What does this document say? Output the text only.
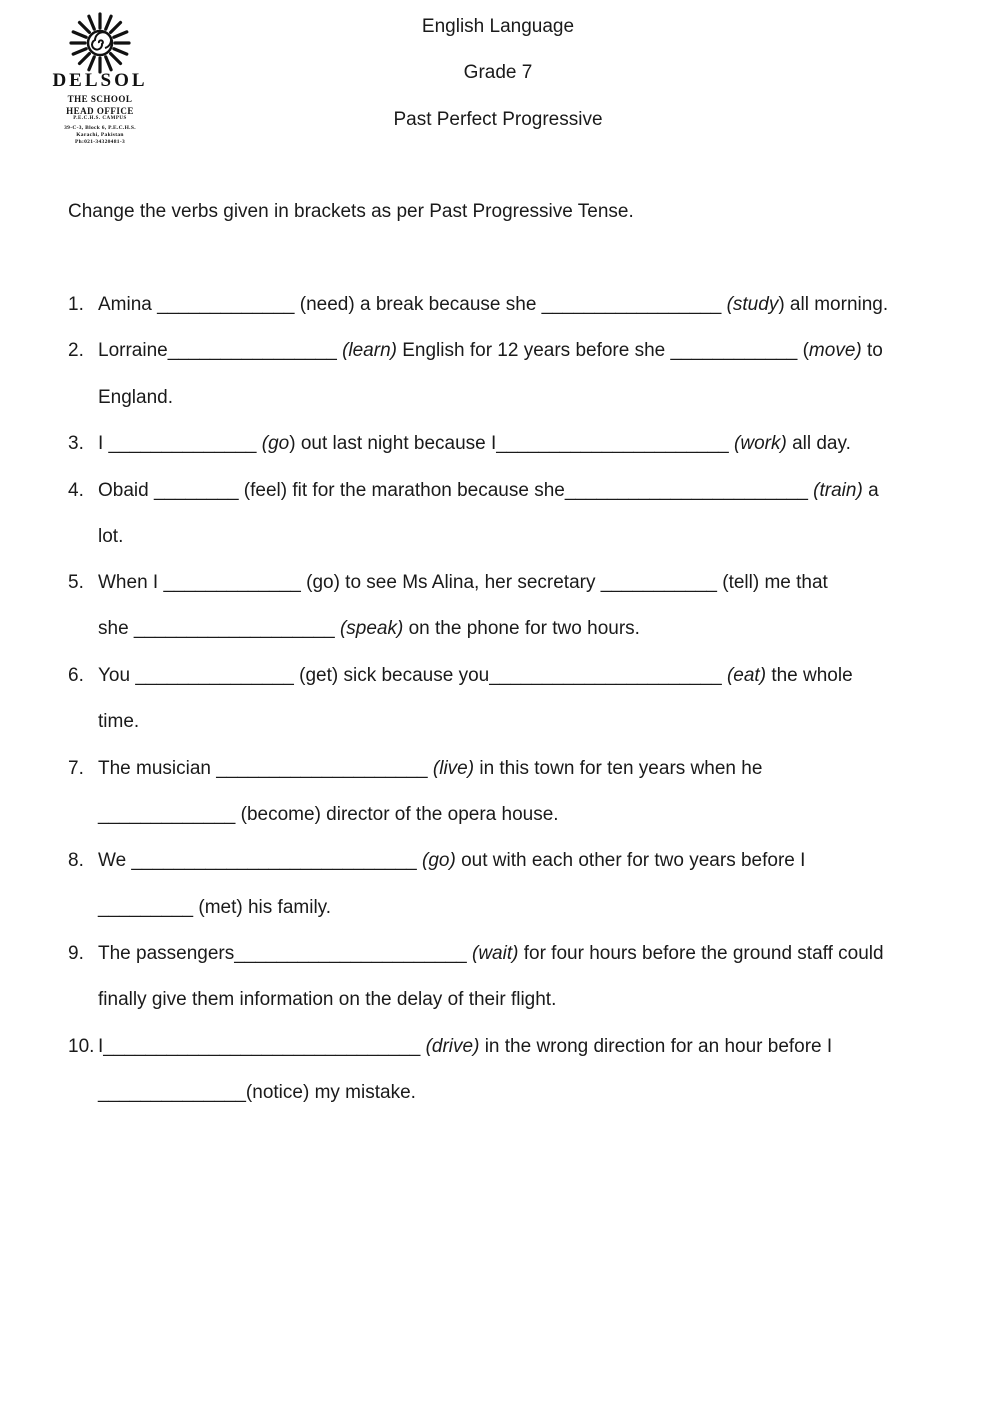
DELSOL
THE SCHOOL
HEAD OFFICE
P.E.C.H.S. CAMPUS
39-C-3, Block 6, P.E.C.H.S.
Karachi, Pakistan
Ph:021-34320481-3
English Language
Grade 7
Past Perfect Progressive
Change the verbs given in brackets as per Past Progressive Tense.
1. Amina _____________ (need) a break because she _________________ (study) all morning.
2. Lorraine________________ (learn) English for 12 years before she ____________ (move) to
England.
3. I ______________ (go) out last night because I______________________ (work) all day.
4. Obaid ________ (feel) fit for the marathon because she_______________________ (train) a
lot.
5. When I _____________ (go) to see Ms Alina, her secretary ___________ (tell) me that
she ___________________ (speak) on the phone for two hours.
6. You _______________ (get) sick because you______________________ (eat) the whole
time.
7. The musician ____________________ (live) in this town for ten years when he
_____________ (become) director of the opera house.
8. We ___________________________ (go) out with each other for two years before I
_________ (met) his family.
9. The passengers______________________ (wait) for four hours before the ground staff could
finally give them information on the delay of their flight.
10. I______________________________ (drive) in the wrong direction for an hour before I
______________(notice) my mistake.
